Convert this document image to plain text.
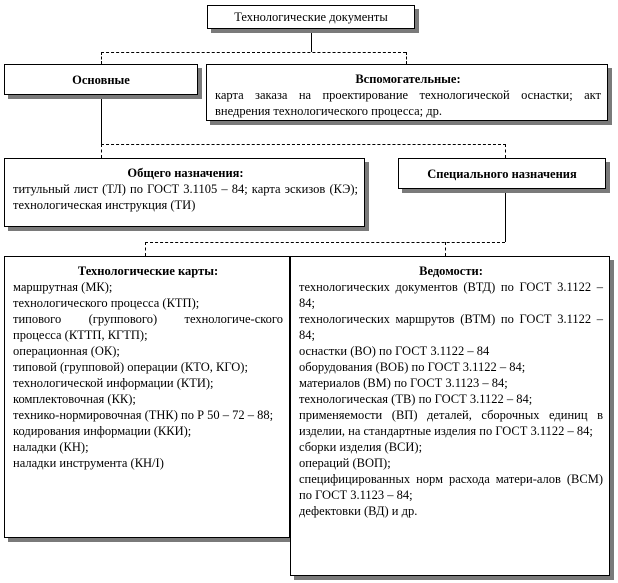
Технологические документы
Основные	Вспомогательные:
карта заказа на проектирование технологической оснастки; акт внедрения технологического процесса; др.
Общего назначения:
титульный лист (ТЛ) по ГОСТ 3.1105 – 84; карта эскизов (КЭ); технологическая инструкция (ТИ)
Специального назначения
Технологические карты:
маршрутная (МК);
технологического процесса (КТП);
типового (группового) технологиче-ского процесса (КТТП, КГТП);
операционная (ОК);
типовой (групповой) операции (КТО, КГО);
технологической информации (КТИ);
комплектовочная (КК);
технико-нормировочная (ТНК) по Р 50 – 72 – 88;
кодирования информации (ККИ);
наладки (КН);
наладки инструмента (КН/I)
Ведомости:
технологических документов (ВТД) по ГОСТ 3.1122 – 84;
технологических маршрутов (ВТМ) по ГОСТ 3.1122 – 84;
оснастки (ВО) по ГОСТ 3.1122 – 84
оборудования (ВОБ) по ГОСТ 3.1122 – 84;
материалов (ВМ) по ГОСТ 3.1123 – 84;
технологическая (ТВ) по ГОСТ 3.1122 – 84;
применяемости (ВП) деталей, сборочных единиц в изделии, на стандартные изделия по ГОСТ 3.1122 – 84;
сборки изделия (ВСИ);
операций (ВОП);
специфицированных норм расхода матери-алов (ВСМ) по ГОСТ 3.1123 – 84;
дефектовки (ВД) и др.
